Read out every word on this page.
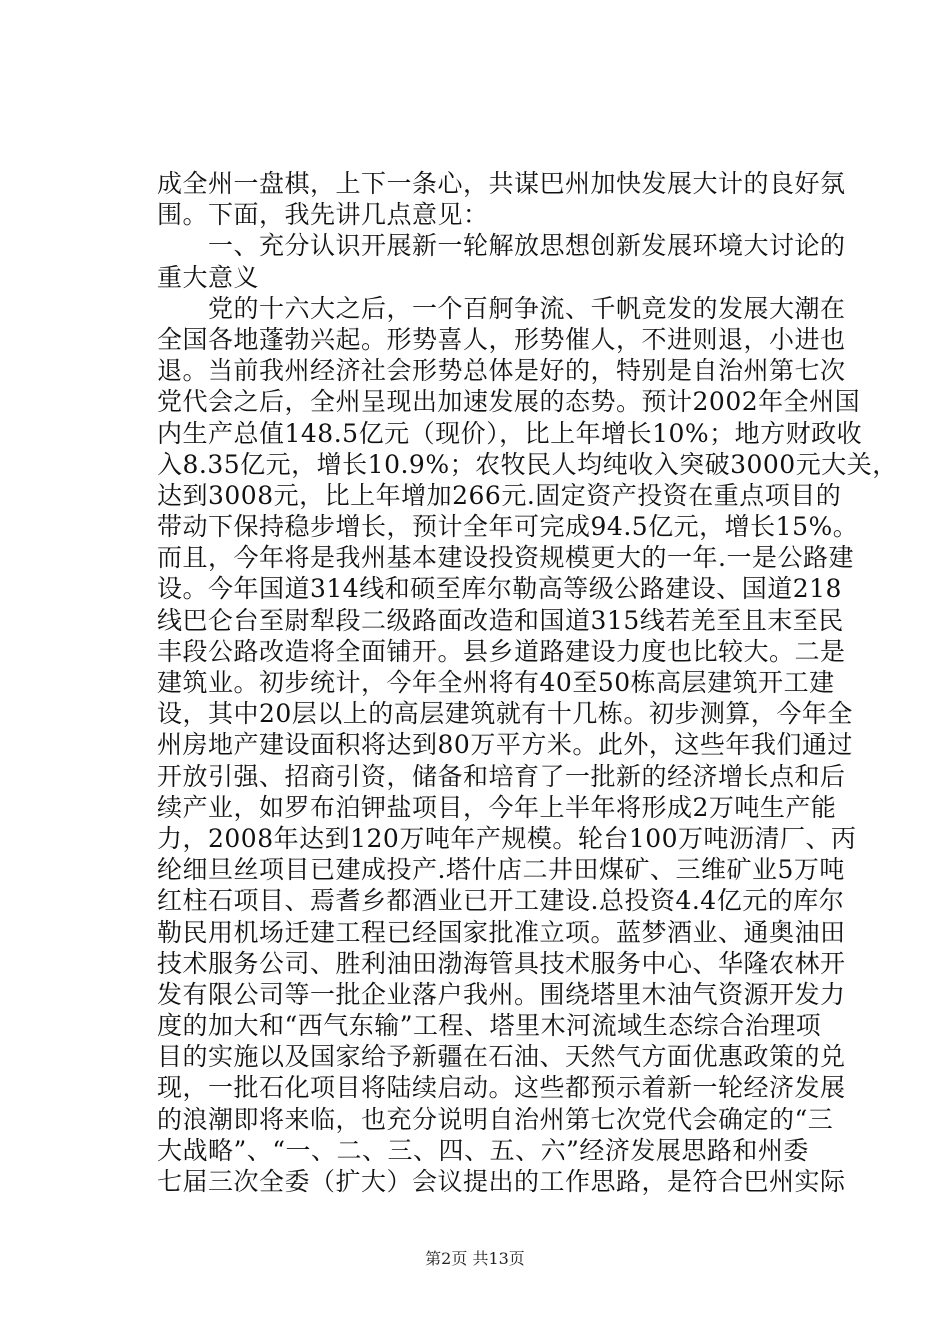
成全州一盘棋，上下一条心，共谋巴州加快发展大计的良好氛
围。下面，我先讲几点意见：
　　一、充分认识开展新一轮解放思想创新发展环境大讨论的
重大意义
　　党的十六大之后，一个百舸争流、千帆竞发的发展大潮在
全国各地蓬勃兴起。形势喜人，形势催人，不进则退，小进也
退。当前我州经济社会形势总体是好的，特别是自治州第七次
党代会之后，全州呈现出加速发展的态势。预计2002年全州国
内生产总值148.5亿元（现价），比上年增长10%；地方财政收
入8.35亿元，增长10.9%；农牧民人均纯收入突破3000元大关，
达到3008元，比上年增加266元.固定资产投资在重点项目的
带动下保持稳步增长，预计全年可完成94.5亿元，增长15%。
而且，今年将是我州基本建设投资规模更大的一年.一是公路建
设。今年国道314线和硕至库尔勒高等级公路建设、国道218
线巴仑台至尉犁段二级路面改造和国道315线若羌至且末至民
丰段公路改造将全面铺开。县乡道路建设力度也比较大。二是
建筑业。初步统计，今年全州将有40至50栋高层建筑开工建
设，其中20层以上的高层建筑就有十几栋。初步测算，今年全
州房地产建设面积将达到80万平方米。此外，这些年我们通过
开放引强、招商引资，储备和培育了一批新的经济增长点和后
续产业，如罗布泊钾盐项目，今年上半年将形成2万吨生产能
力，2008年达到120万吨年产规模。轮台100万吨沥清厂、丙
纶细旦丝项目已建成投产.塔什店二井田煤矿、三维矿业5万吨
红柱石项目、焉耆乡都酒业已开工建设.总投资4.4亿元的库尔
勒民用机场迁建工程已经国家批准立项。蓝梦酒业、通奥油田
技术服务公司、胜利油田渤海管具技术服务中心、华隆农林开
发有限公司等一批企业落户我州。围绕塔里木油气资源开发力
度的加大和“西气东输”工程、塔里木河流域生态综合治理项
目的实施以及国家给予新疆在石油、天然气方面优惠政策的兑
现，一批石化项目将陆续启动。这些都预示着新一轮经济发展
的浪潮即将来临，也充分说明自治州第七次党代会确定的“三
大战略”、“一、二、三、四、五、六”经济发展思路和州委
七届三次全委（扩大）会议提出的工作思路，是符合巴州实际
第2页 共13页
